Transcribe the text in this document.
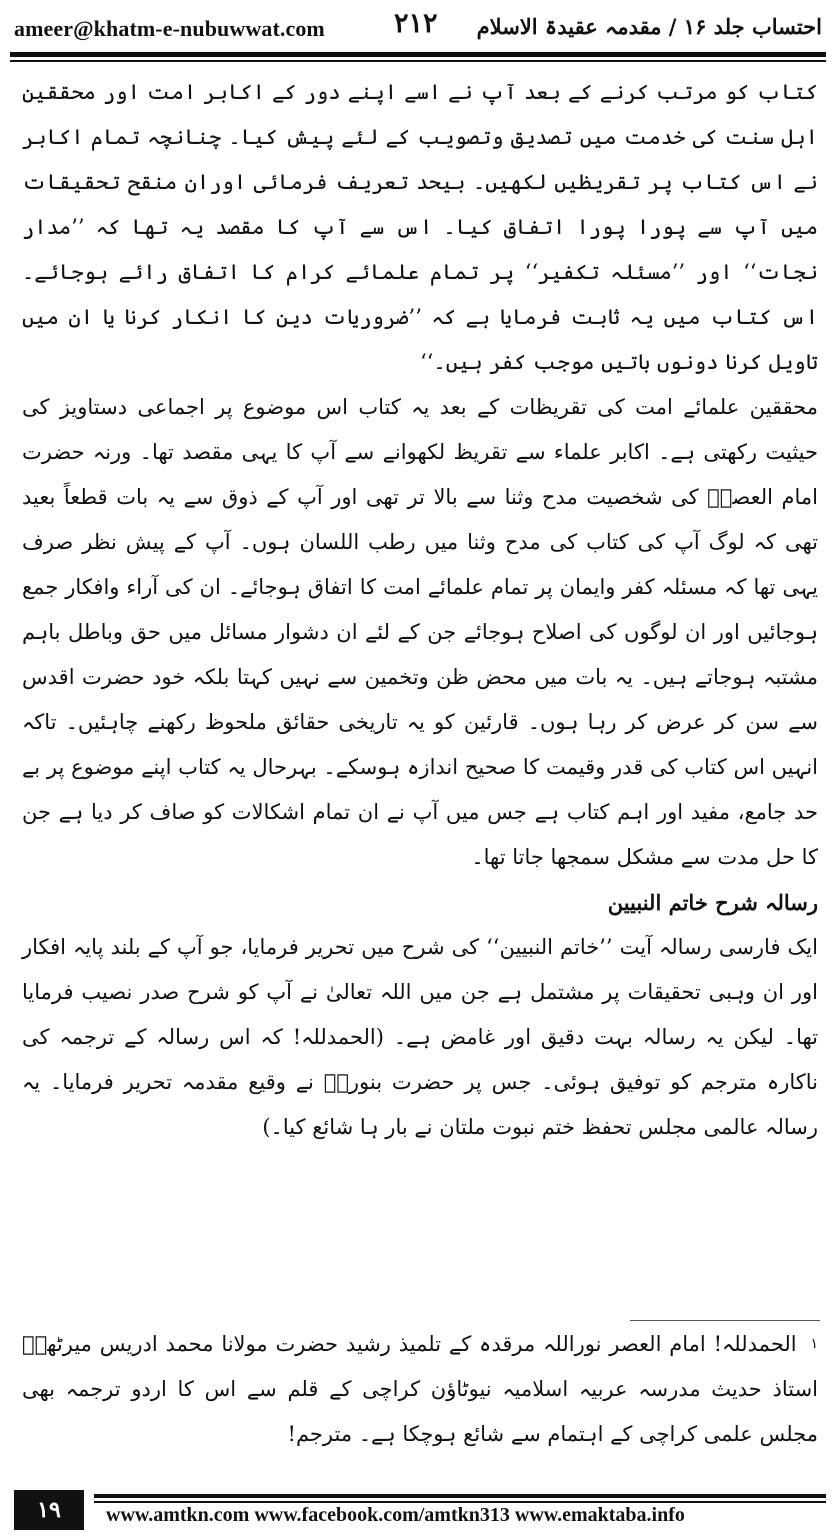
ameer@khatm-e-nubuwwat.com	۲۱۲ احتساب جلد ۱۶ / مقدمہ عقیدۃ الاسلام

کتاب کو مرتب کرنے کے بعد آپ نے اسے اپنے دور کے اکابر امت اور محققین اہل سنت کی خدمت میں تصدیق وتصویب کے لئے پیش کیا۔ چنانچہ تمام اکابر نے اس کتاب پر تقریظیں لکھیں۔ بیحد تعریف فرمائی اوران منقح تحقیقات میں آپ سے پورا پورا اتفاق کیا۔ اس سے آپ کا مقصد یہ تھا کہ ’’مدار نجات‘‘ اور ’’مسئلہ تکفیر‘‘ پر تمام علمائے کرام کا اتفاق رائے ہوجائے۔ اس کتاب میں یہ ثابت فرمایا ہے کہ ’’ضروریات دین کا انکار کرنا یا ان میں تاویل کرنا دونوں باتیں موجب کفر ہیں۔‘‘

محققین علمائے امت کی تقریظات کے بعد یہ کتاب اس موضوع پر اجماعی دستاویز کی حیثیت رکھتی ہے۔ اکابر علماء سے تقریظ لکھوانے سے آپ کا یہی مقصد تھا۔ ورنہ حضرت امام العصرؒ کی شخصیت مدح وثنا سے بالا تر تھی اور آپ کے ذوق سے یہ بات قطعاً بعید تھی کہ لوگ آپ کی کتاب کی مدح وثنا میں رطب اللسان ہوں۔ آپ کے پیش نظر صرف یہی تھا کہ مسئلہ کفر وایمان پر تمام علمائے امت کا اتفاق ہوجائے۔ ان کی آراء وافکار جمع ہوجائیں اور ان لوگوں کی اصلاح ہوجائے جن کے لئے ان دشوار مسائل میں حق وباطل باہم مشتبہ ہوجاتے ہیں۔ یہ بات میں محض ظن وتخمین سے نہیں کہتا بلکہ خود حضرت اقدس سے سن کر عرض کر رہا ہوں۔ قارئین کو یہ تاریخی حقائق ملحوظ رکھنے چاہئیں۔ تاکہ انہیں اس کتاب کی قدر وقیمت کا صحیح اندازہ ہوسکے۔ بہرحال یہ کتاب اپنے موضوع پر بے حد جامع، مفید اور اہم کتاب ہے جس میں آپ نے ان تمام اشکالات کو صاف کر دیا ہے جن کا حل مدت سے مشکل سمجھا جاتا تھا۔

رسالہ شرح خاتم النبیین

ایک فارسی رسالہ آیت ’’خاتم النبیین‘‘ کی شرح میں تحریر فرمایا، جو آپ کے بلند پایہ افکار اور ان وہبی تحقیقات پر مشتمل ہے جن میں اللہ تعالیٰ نے آپ کو شرح صدر نصیب فرمایا تھا۔ لیکن یہ رسالہ بہت دقیق اور غامض ہے۔ (الحمدللہ! کہ اس رسالہ کے ترجمہ کی ناکارہ مترجم کو توفیق ہوئی۔ جس پر حضرت بنوریؒ نے وقیع مقدمہ تحریر فرمایا۔ یہ رسالہ عالمی مجلس تحفظ ختم نبوت ملتان نے بار ہا شائع کیا۔)

$^۱$ الحمدللہ! امام العصر نوراللہ مرقدہ کے تلمیذ رشید حضرت مولانا محمد ادریس میرٹھیؒ استاذ حدیث مدرسہ عربیہ اسلامیہ نیوٹاؤن کراچی کے قلم سے اس کا اردو ترجمہ بھی مجلس علمی کراچی کے اہتمام سے شائع ہوچکا ہے۔ مترجم!
۱۹	www.amtkn.com www.facebook.com/amtkn313 www.emaktaba.info
